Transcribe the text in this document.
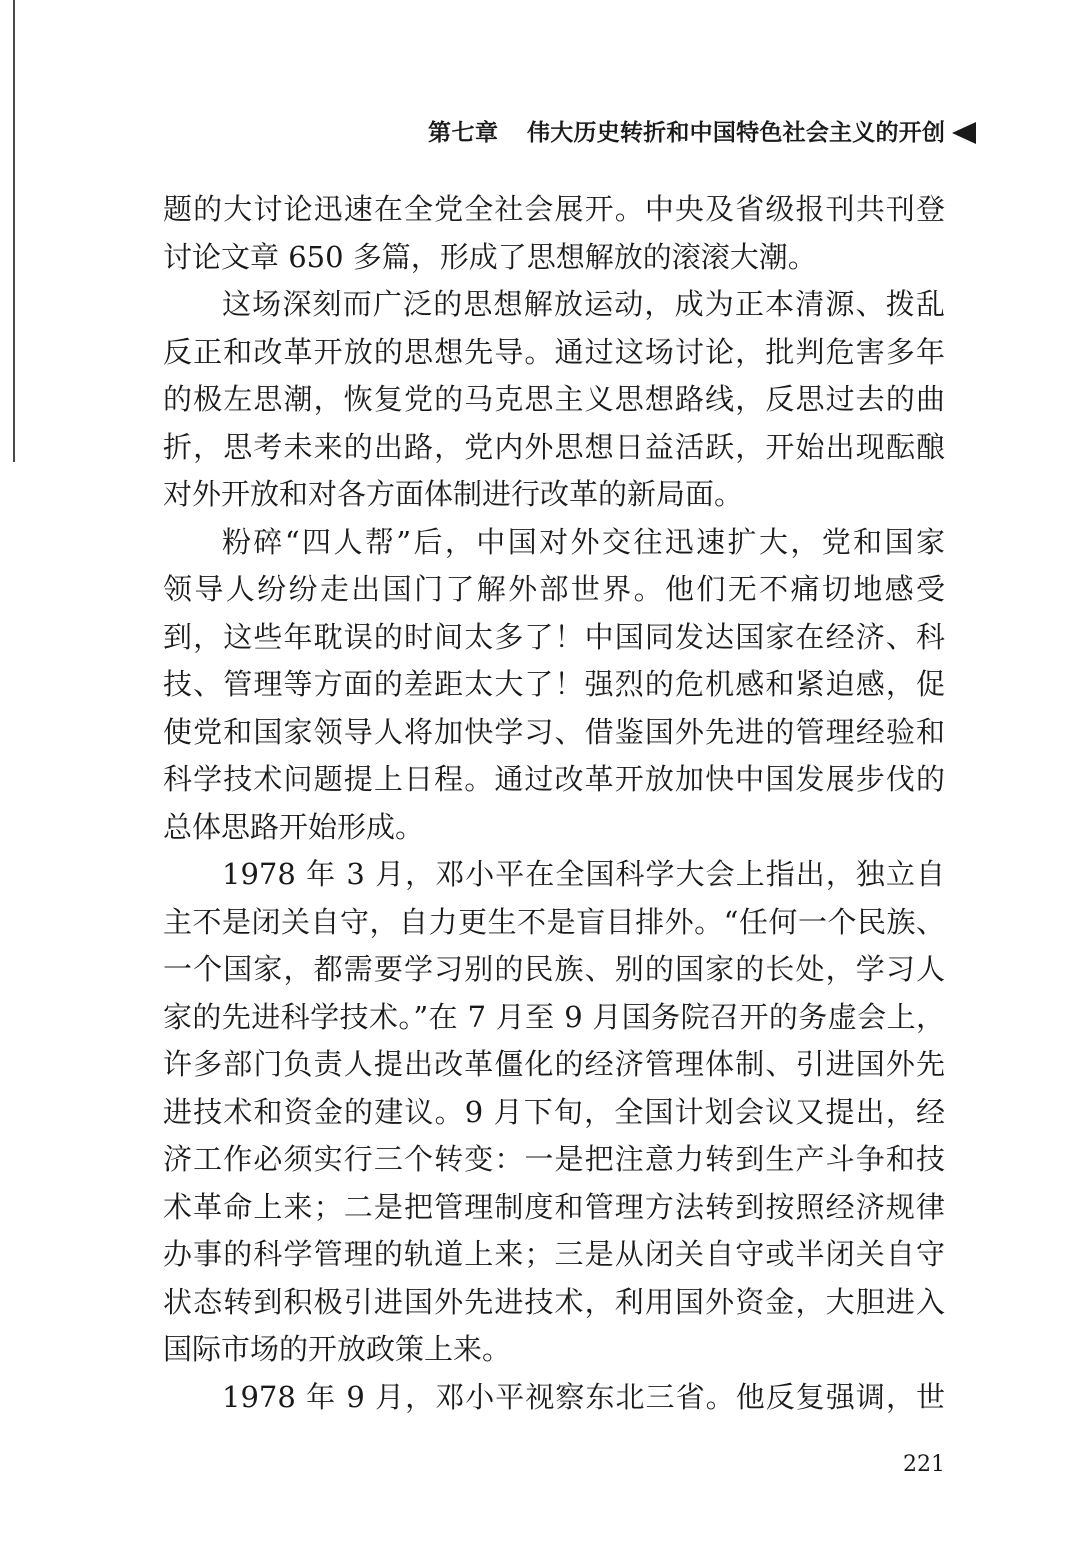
第七章 伟大历史转折和中国特色社会主义的开创
题的大讨论迅速在全党全社会展开。中央及省级报刊共刊登
讨论文章 650 多篇，形成了思想解放的滚滚大潮。
这场深刻而广泛的思想解放运动，成为正本清源、拨乱
反正和改革开放的思想先导。通过这场讨论，批判危害多年
的极左思潮，恢复党的马克思主义思想路线，反思过去的曲
折，思考未来的出路，党内外思想日益活跃，开始出现酝酿
对外开放和对各方面体制进行改革的新局面。
粉碎“四人帮”后，中国对外交往迅速扩大，党和国家
领导人纷纷走出国门了解外部世界。他们无不痛切地感受
到，这些年耽误的时间太多了！中国同发达国家在经济、科
技、管理等方面的差距太大了！强烈的危机感和紧迫感，促
使党和国家领导人将加快学习、借鉴国外先进的管理经验和
科学技术问题提上日程。通过改革开放加快中国发展步伐的
总体思路开始形成。
1978 年 3 月，邓小平在全国科学大会上指出，独立自
主不是闭关自守，自力更生不是盲目排外。“任何一个民族、
一个国家，都需要学习别的民族、别的国家的长处，学习人
家的先进科学技术。”在 7 月至 9 月国务院召开的务虚会上，
许多部门负责人提出改革僵化的经济管理体制、引进国外先
进技术和资金的建议。9 月下旬，全国计划会议又提出，经
济工作必须实行三个转变：一是把注意力转到生产斗争和技
术革命上来；二是把管理制度和管理方法转到按照经济规律
办事的科学管理的轨道上来；三是从闭关自守或半闭关自守
状态转到积极引进国外先进技术，利用国外资金，大胆进入
国际市场的开放政策上来。
1978 年 9 月，邓小平视察东北三省。他反复强调，世
221
